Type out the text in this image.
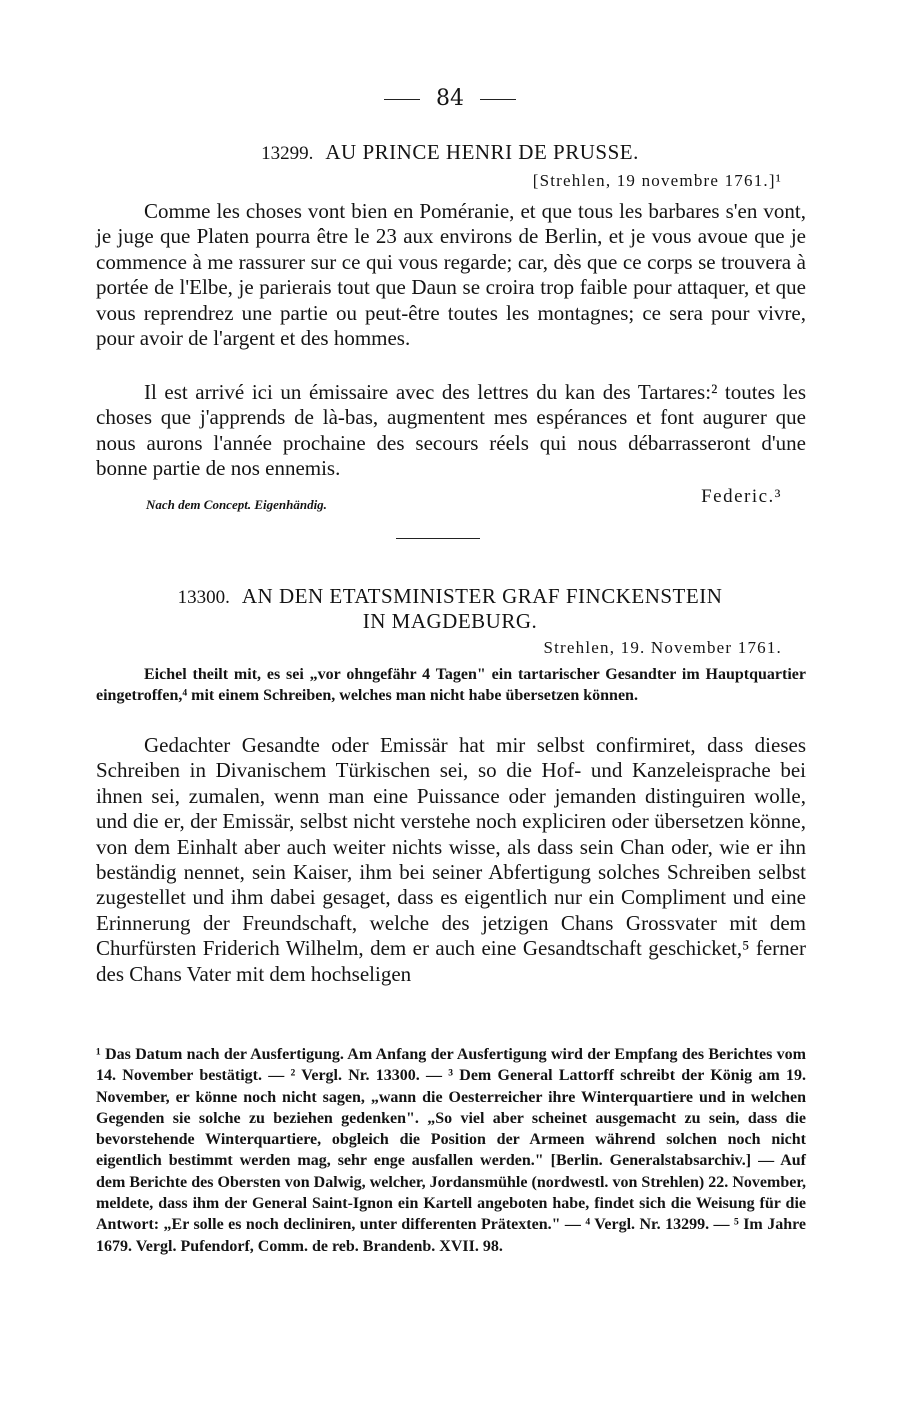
84
13299. AU PRINCE HENRI DE PRUSSE.
[Strehlen, 19 novembre 1761.]¹

Comme les choses vont bien en Poméranie, et que tous les barbares s'en vont, je juge que Platen pourra être le 23 aux environs de Berlin, et je vous avoue que je commence à me rassurer sur ce qui vous regarde; car, dès que ce corps se trouvera à portée de l'Elbe, je parierais tout que Daun se croira trop faible pour attaquer, et que vous reprendrez une partie ou peut-être toutes les montagnes; ce sera pour vivre, pour avoir de l'argent et des hommes.

Il est arrivé ici un émissaire avec des lettres du kan des Tartares:² toutes les choses que j'apprends de là-bas, augmentent mes espérances et font augurer que nous aurons l'année prochaine des secours réels qui nous débarrasseront d'une bonne partie de nos ennemis.

Nach dem Concept. Eigenhändig.	Federic.³
13300. AN DEN ETATSMINISTER GRAF FINCKENSTEIN
IN MAGDEBURG.
Strehlen, 19. November 1761.

Eichel theilt mit, es sei „vor ohngefähr 4 Tagen" ein tartarischer Gesandter im Hauptquartier eingetroffen,⁴ mit einem Schreiben, welches man nicht habe übersetzen können.

Gedachter Gesandte oder Emissär hat mir selbst confirmiret, dass dieses Schreiben in Divanischem Türkischen sei, so die Hof- und Kanzeleisprache bei ihnen sei, zumalen, wenn man eine Puissance oder jemanden distinguiren wolle, und die er, der Emissär, selbst nicht verstehe noch expliciren oder übersetzen könne, von dem Einhalt aber auch weiter nichts wisse, als dass sein Chan oder, wie er ihn beständig nennet, sein Kaiser, ihm bei seiner Abfertigung solches Schreiben selbst zugestellet und ihm dabei gesaget, dass es eigentlich nur ein Compliment und eine Erinnerung der Freundschaft, welche des jetzigen Chans Grossvater mit dem Churfürsten Friderich Wilhelm, dem er auch eine Gesandtschaft geschicket,⁵ ferner des Chans Vater mit dem hochseligen

¹ Das Datum nach der Ausfertigung. Am Anfang der Ausfertigung wird der Empfang des Berichtes vom 14. November bestätigt. — ² Vergl. Nr. 13300. — ³ Dem General Lattorff schreibt der König am 19. November, er könne noch nicht sagen, „wann die Oesterreicher ihre Winterquartiere und in welchen Gegenden sie solche zu beziehen gedenken". „So viel aber scheinet ausgemacht zu sein, dass die bevorstehende Winterquartiere, obgleich die Position der Armeen während solchen noch nicht eigentlich bestimmt werden mag, sehr enge ausfallen werden." [Berlin. Generalstabsarchiv.] — Auf dem Berichte des Obersten von Dalwig, welcher, Jordansmühle (nordwestl. von Strehlen) 22. November, meldete, dass ihm der General Saint-Ignon ein Kartell angeboten habe, findet sich die Weisung für die Antwort: „Er solle es noch decliniren, unter differenten Prätexten." — ⁴ Vergl. Nr. 13299. — ⁵ Im Jahre 1679. Vergl. Pufendorf, Comm. de reb. Brandenb. XVII. 98.
